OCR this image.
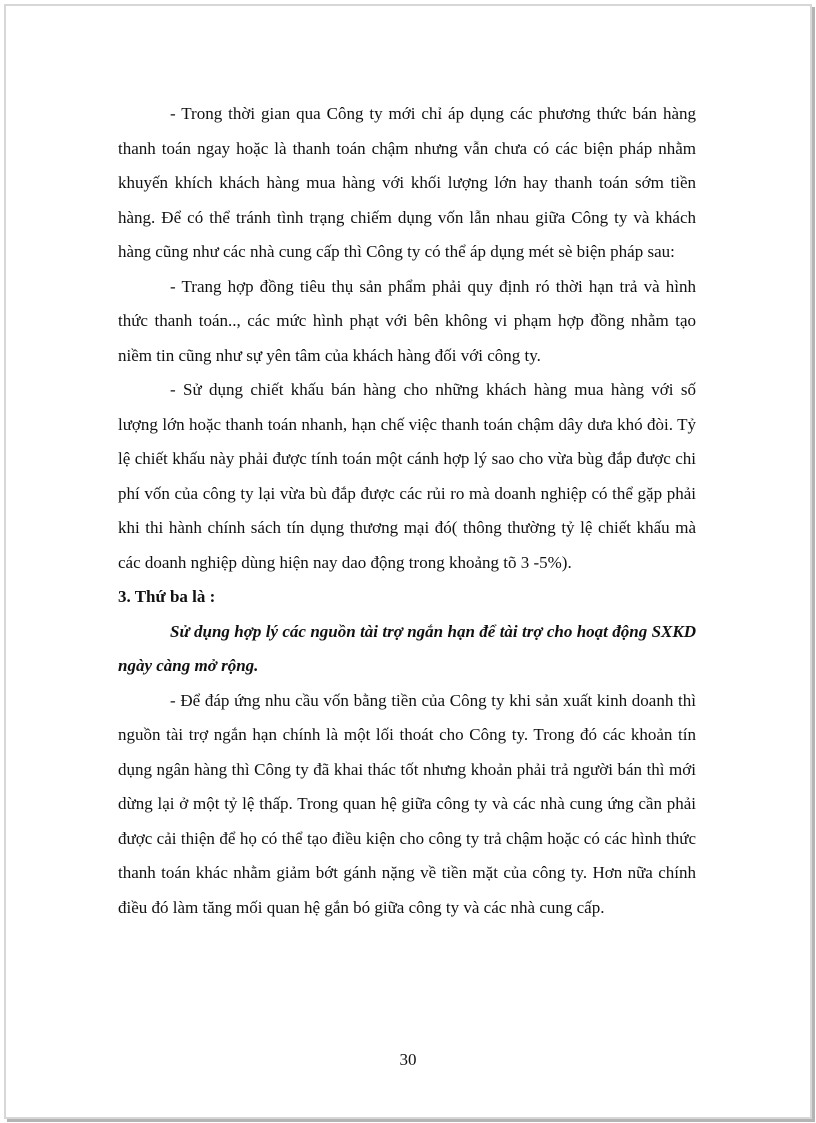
- Trong thời gian qua Công ty mới chỉ áp dụng các phương thức bán hàng thanh toán ngay hoặc là thanh toán chậm nhưng vẫn chưa có các biện pháp nhằm khuyến khích khách hàng mua hàng với khối lượng lớn hay thanh toán sớm tiền hàng. Để có thể tránh tình trạng chiếm dụng vốn lẫn nhau giữa Công ty và khách hàng cũng như các nhà cung cấp thì Công ty có thể áp dụng mét sè biện pháp sau:

- Trang hợp đồng tiêu thụ sản phẩm phải quy định ró thời hạn trả và hình thức thanh toán.., các mức hình phạt với bên không vi phạm hợp đồng nhằm tạo niềm tin cũng như sự yên tâm của khách hàng đối với công ty.

- Sử dụng chiết khấu bán hàng cho những khách hàng mua hàng với số lượng lớn hoặc thanh toán nhanh, hạn chế việc thanh toán chậm dây dưa khó đòi. Tỷ lệ chiết khấu này phải được tính toán một cánh hợp lý sao cho vừa bùg đắp được chi phí vốn của công ty lại vừa bù đắp được các rủi ro mà doanh nghiệp có thể gặp phải khi thi hành chính sách tín dụng thương mại đó( thông thường tỷ lệ chiết khấu mà các doanh nghiệp dùng hiện nay dao động trong khoảng tõ 3 -5%).

3. Thứ ba là :

Sử dụng hợp lý các nguồn tài trợ ngắn hạn để tài trợ cho hoạt động SXKD ngày càng mở rộng.

- Để đáp ứng nhu cầu vốn bằng tiền của Công ty khi sản xuất kinh doanh thì nguồn tài trợ ngắn hạn chính là một lối thoát cho Công ty. Trong đó các khoản tín dụng ngân hàng thì Công ty đã khai thác tốt nhưng khoản phải trả người bán thì mới dừng lại ở một tỷ lệ thấp. Trong quan hệ giữa công ty và các nhà cung ứng cần phải được cải thiện để họ có thể tạo điều kiện cho công ty trả chậm hoặc có các hình thức thanh toán khác nhằm giảm bớt gánh nặng về tiền mặt của công ty. Hơn nữa chính điều đó làm tăng mối quan hệ gắn bó giữa công ty và các nhà cung cấp.

30
